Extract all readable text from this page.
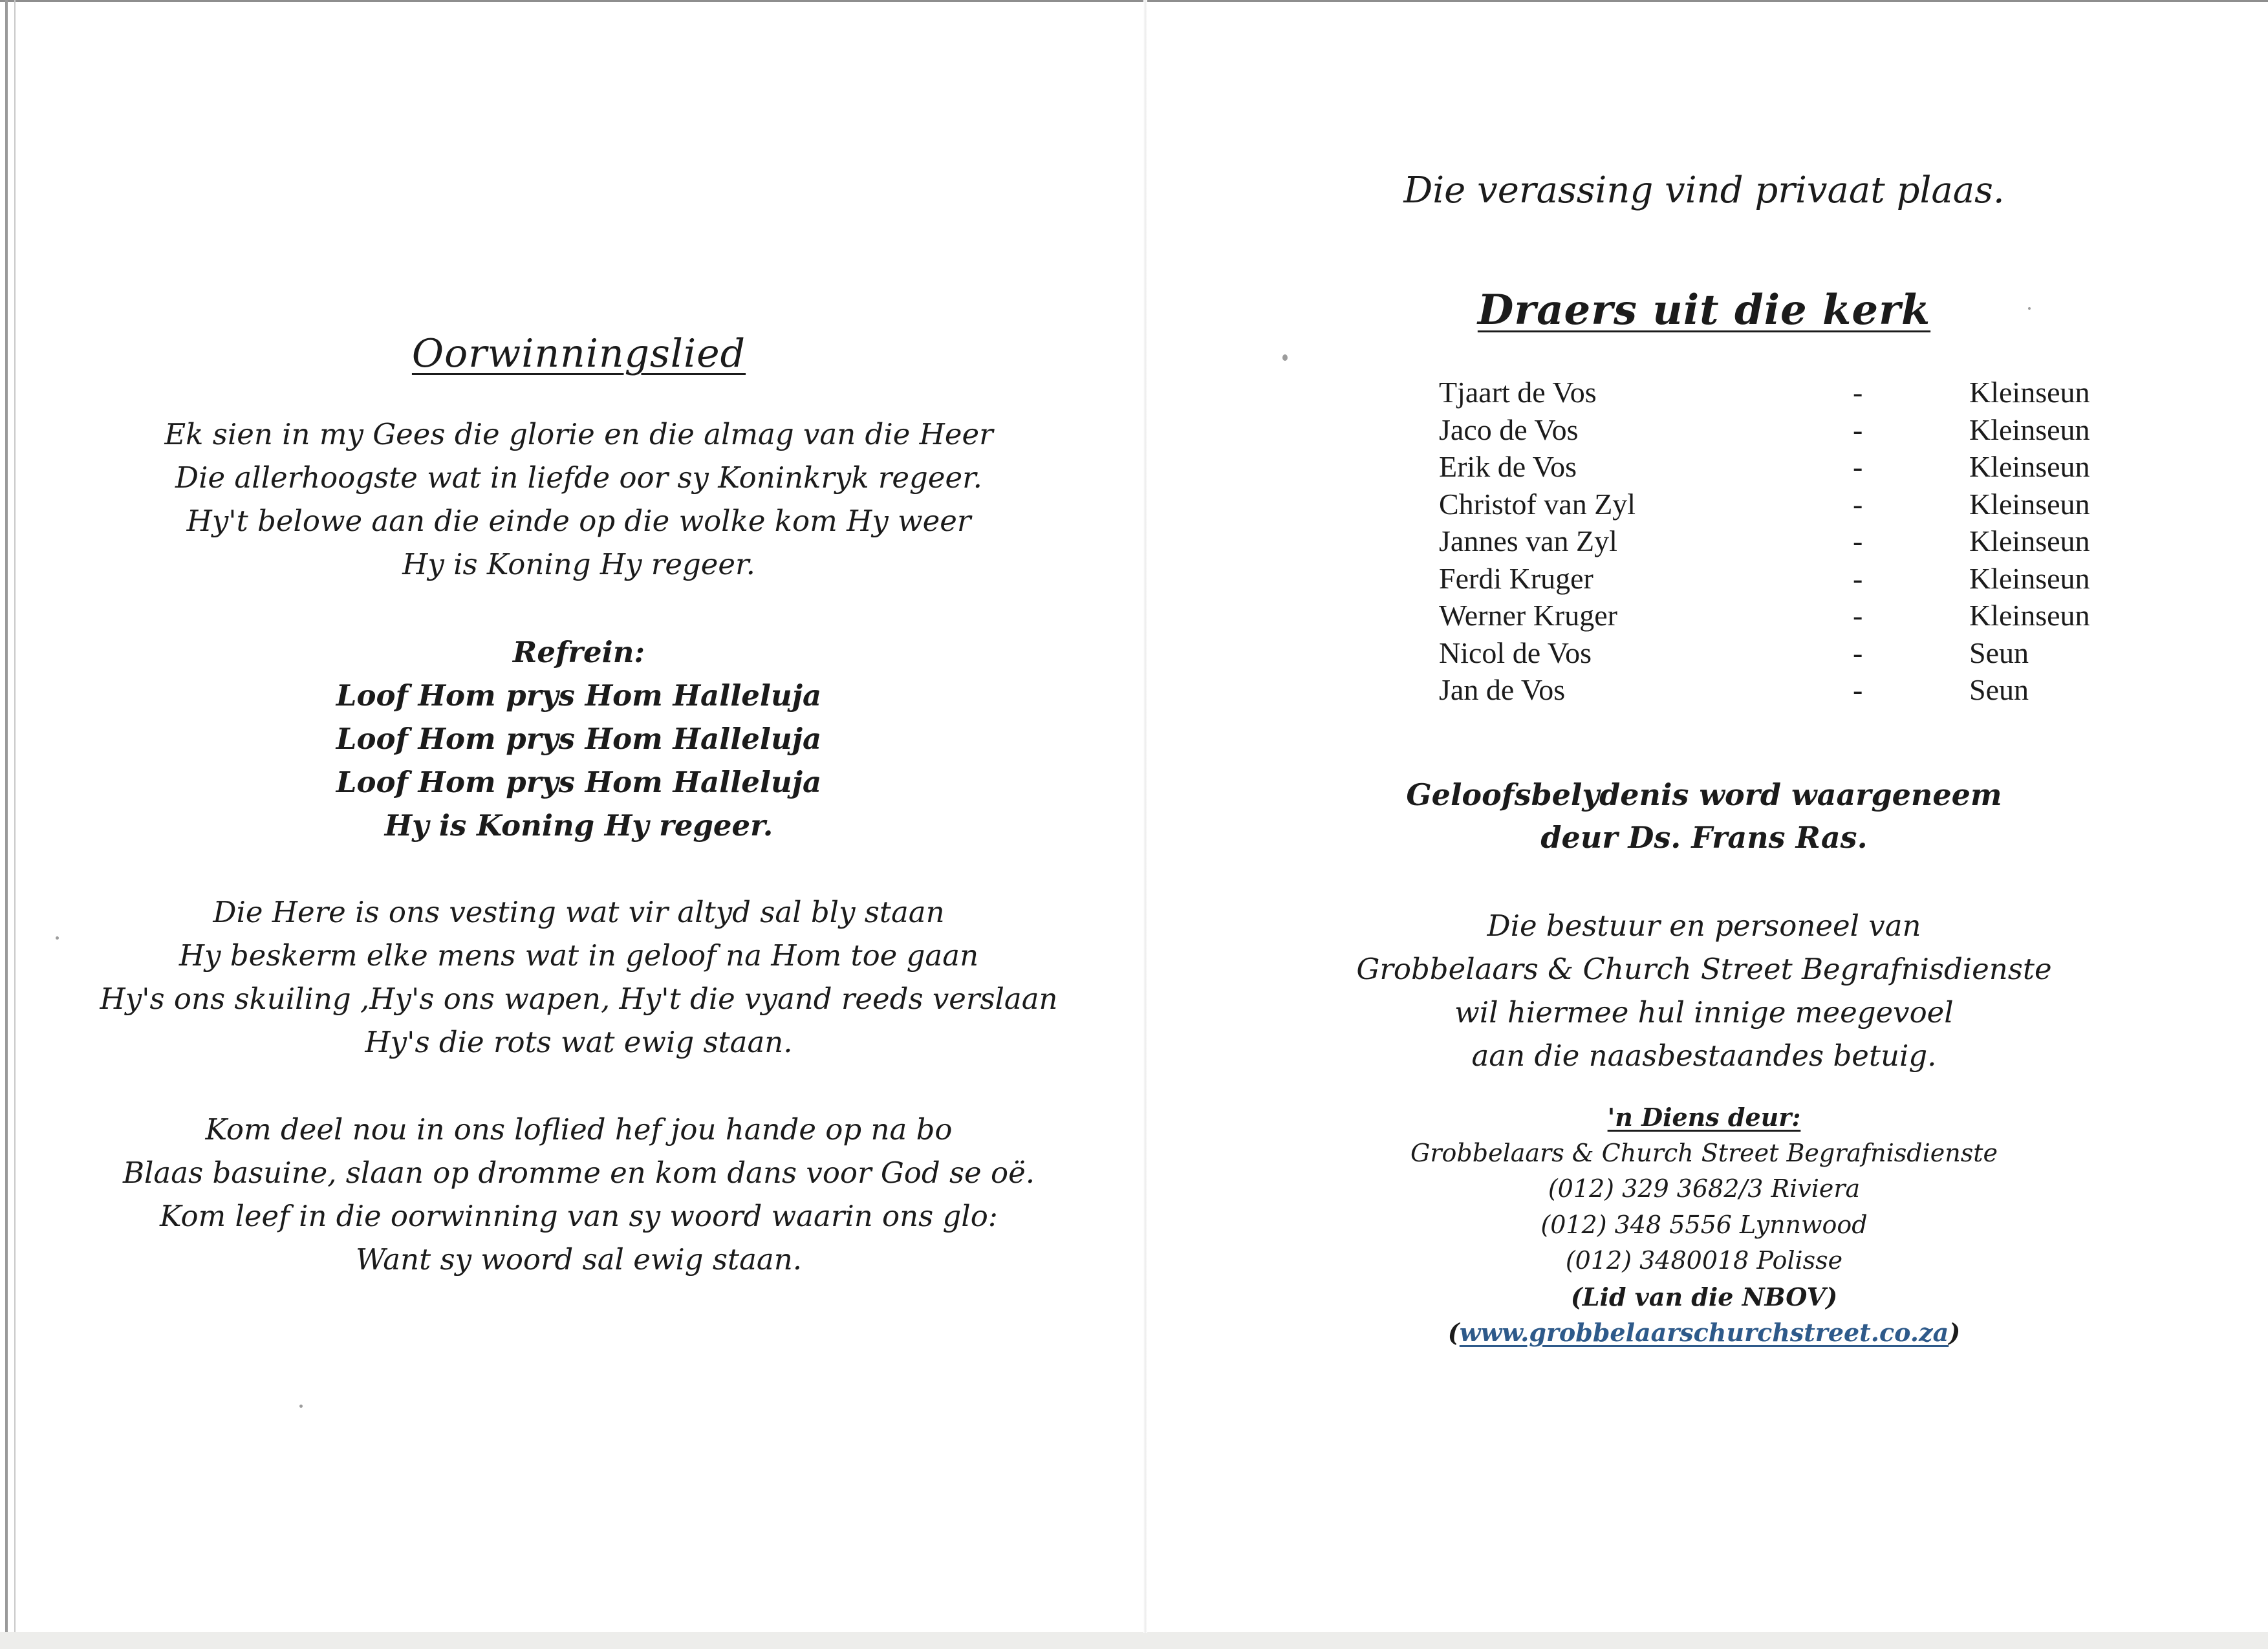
Oorwinningslied
Ek sien in my Gees die glorie en die almag van die Heer
Die allerhoogste wat in liefde oor sy Koninkryk regeer.
Hy't belowe aan die einde op die wolke kom Hy weer
Hy is Koning Hy regeer.
Refrein:
Loof Hom prys Hom Halleluja
Loof Hom prys Hom Halleluja
Loof Hom prys Hom Halleluja
Hy is Koning Hy regeer.
Die Here is ons vesting wat vir altyd sal bly staan
Hy beskerm elke mens wat in geloof na Hom toe gaan
Hy's ons skuiling ,Hy's ons wapen, Hy't die vyand reeds verslaan
Hy's die rots wat ewig staan.
Kom deel nou in ons loflied hef jou hande op na bo
Blaas basuine, slaan op dromme en kom dans voor God se oë.
Kom leef in die oorwinning van sy woord waarin ons glo:
Want sy woord sal ewig staan.
Die verassing vind privaat plaas.
Draers uit die kerk
Tjaart de Vos	-	Kleinseun
Jaco de Vos	-	Kleinseun
Erik de Vos	-	Kleinseun
Christof van Zyl	-	Kleinseun
Jannes van Zyl	-	Kleinseun
Ferdi Kruger	-	Kleinseun
Werner Kruger	-	Kleinseun
Nicol de Vos	-	Seun
Jan de Vos	-	Seun
Geloofsbelydenis word waargeneem
deur Ds. Frans Ras.
Die bestuur en personeel van
Grobbelaars & Church Street Begrafnisdienste
wil hiermee hul innige meegevoel
aan die naasbestaandes betuig.
'n Diens deur:
Grobbelaars & Church Street Begrafnisdienste
(012) 329 3682/3 Riviera
(012) 348 5556 Lynnwood
(012) 3480018 Polisse
(Lid van die NBOV)
(www.grobbelaarschurchstreet.co.za)
